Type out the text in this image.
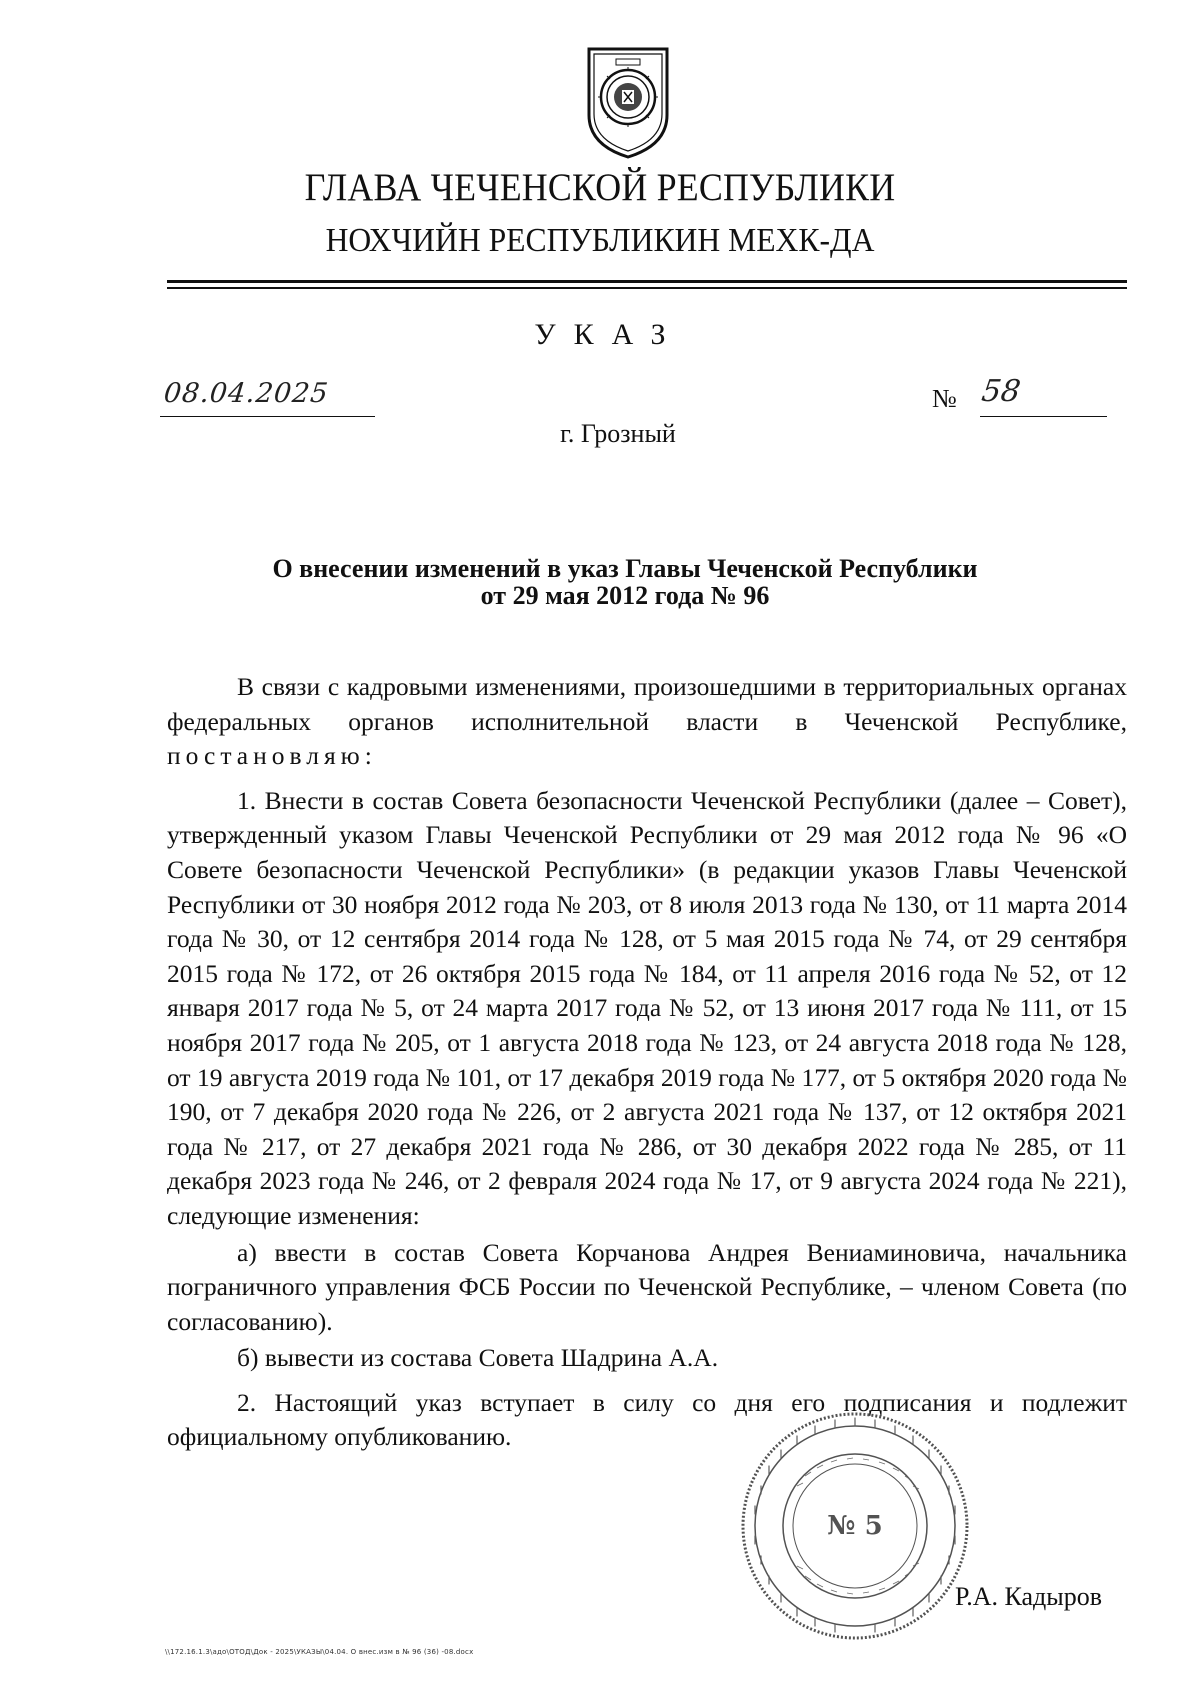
ГЛАВА ЧЕЧЕНСКОЙ РЕСПУБЛИКИ
НОХЧИЙН РЕСПУБЛИКИН МЕХК-ДА
УКАЗ
08.04.2025	№ 58
г. Грозный
О внесении изменений в указ Главы Чеченской Республики
от 29 мая 2012 года № 96

В связи с кадровыми изменениями, произошедшими в территориальных органах федеральных органов исполнительной власти в Чеченской Республике, постановляю:

1. Внести в состав Совета безопасности Чеченской Республики (далее – Совет), утвержденный указом Главы Чеченской Республики от 29 мая 2012 года № 96 «О Совете безопасности Чеченской Республики» (в редакции указов Главы Чеченской Республики от 30 ноября 2012 года № 203, от 8 июля 2013 года № 130, от 11 марта 2014 года № 30, от 12 сентября 2014 года № 128, от 5 мая 2015 года № 74, от 29 сентября 2015 года № 172, от 26 октября 2015 года № 184, от 11 апреля 2016 года № 52, от 12 января 2017 года № 5, от 24 марта 2017 года № 52, от 13 июня 2017 года № 111, от 15 ноября 2017 года № 205, от 1 августа 2018 года № 123, от 24 августа 2018 года № 128, от 19 августа 2019 года № 101, от 17 декабря 2019 года № 177, от 5 октября 2020 года № 190, от 7 декабря 2020 года № 226, от 2 августа 2021 года № 137, от 12 октября 2021 года № 217, от 27 декабря 2021 года № 286, от 30 декабря 2022 года № 285, от 11 декабря 2023 года № 246, от 2 февраля 2024 года № 17, от 9 августа 2024 года № 221), следующие изменения:

а) ввести в состав Совета Корчанова Андрея Вениаминовича, начальника пограничного управления ФСБ России по Чеченской Республике, – членом Совета (по согласованию).

б) вывести из состава Совета Шадрина А.А.

2. Настоящий указ вступает в силу со дня его подписания и подлежит официальному опубликованию.

№ 5
Р.А. Кадыров
\\172.16.1.3\адо\ОТОД\Док - 2025\УКАЗЫ\04.04. О внес.изм в № 96 (36) -08.docx
